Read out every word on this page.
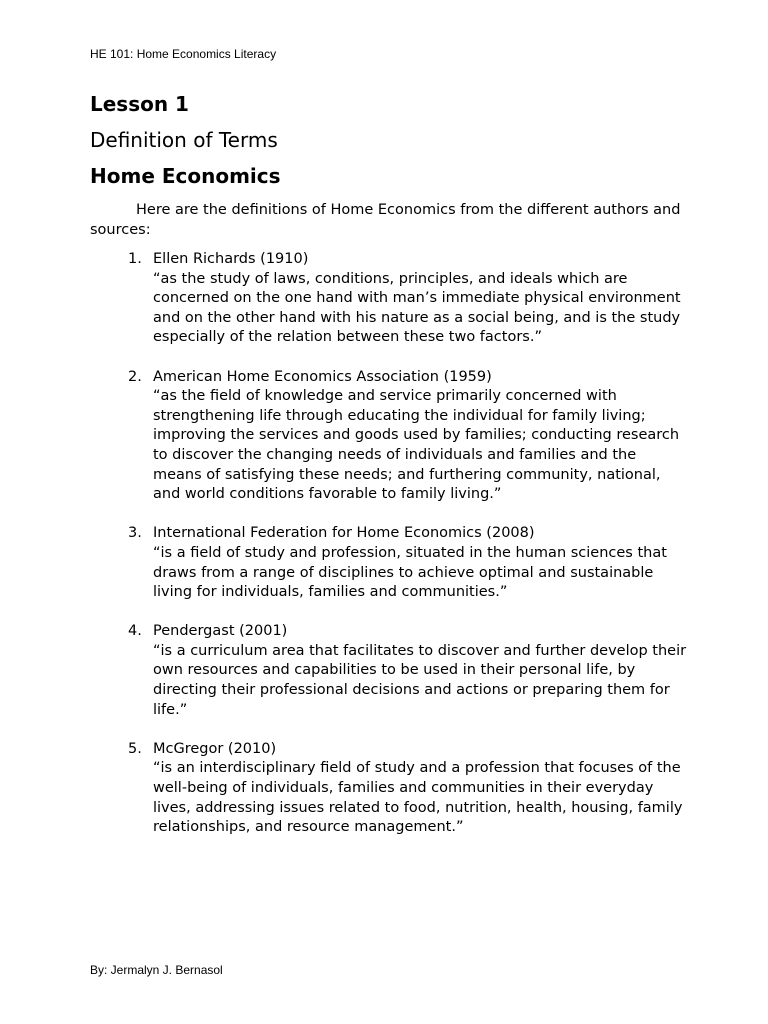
HE 101: Home Economics Literacy
Lesson 1
Definition of Terms
Home Economics

Here are the definitions of Home Economics from the different authors and sources:

1. Ellen Richards (1910)
“as the study of laws, conditions, principles, and ideals which are concerned on the one hand with man’s immediate physical environment and on the other hand with his nature as a social being, and is the study especially of the relation between these two factors.”
2. American Home Economics Association (1959)
“as the field of knowledge and service primarily concerned with strengthening life through educating the individual for family living; improving the services and goods used by families; conducting research to discover the changing needs of individuals and families and the means of satisfying these needs; and furthering community, national, and world conditions favorable to family living.”
3. International Federation for Home Economics (2008)
“is a field of study and profession, situated in the human sciences that draws from a range of disciplines to achieve optimal and sustainable living for individuals, families and communities.”
4. Pendergast (2001)
“is a curriculum area that facilitates to discover and further develop their own resources and capabilities to be used in their personal life, by directing their professional decisions and actions or preparing them for life.”
5. McGregor (2010)
“is an interdisciplinary field of study and a profession that focuses of the well-being of individuals, families and communities in their everyday lives, addressing issues related to food, nutrition, health, housing, family relationships, and resource management.”
By: Jermalyn J. Bernasol
